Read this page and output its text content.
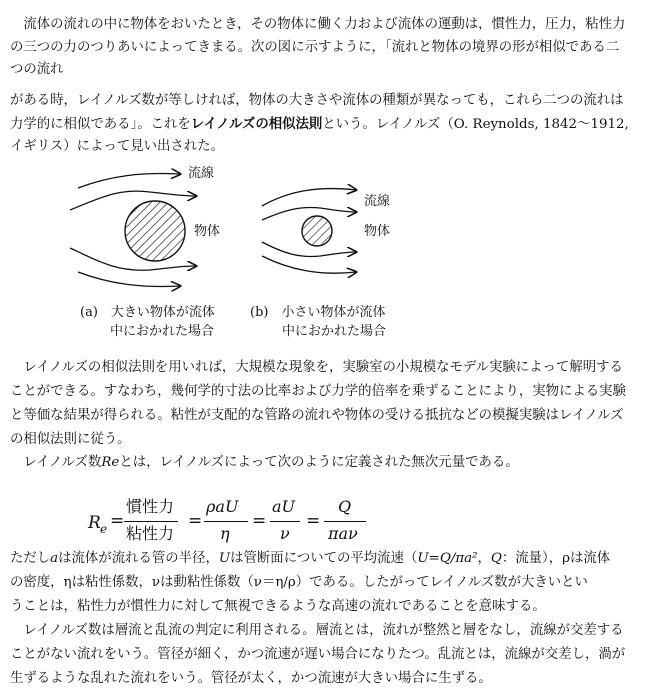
　流体の流れの中に物体をおいたとき，その物体に働く力および流体の運動は，慣性力，圧力，粘性力

の三つの力のつりあいによってきまる。次の図に示すように，「流れと物体の境界の形が相似である二

つの流れ

がある時，レイノルズ数が等しければ，物体の大きさや流体の種類が異なっても，これら二つの流れは

力学的に相似である」。これをレイノルズの相似法則という。レイノルズ（O. Reynolds, 1842〜1912,

イギリス）によって見い出された。

流線
物体
流線
物体
(a)　大きい物体が流体
中におかれた場合
(b)　小さい物体が流体
中におかれた場合

　レイノルズの相似法則を用いれば，大規模な現象を，実験室の小規模なモデル実験によって解明する

ことができる。すなわち，幾何学的寸法の比率および力学的倍率を乗ずることにより，実物による実験

と等価な結果が得られる。粘性が支配的な管路の流れや物体の受ける抵抗などの模擬実験はレイノルズ

の相似法則に従う。

　レイノルズ数Reとは，レイノルズによって次のように定義された無次元量である。

R e =
慣性力
粘性力
=
ρaU
η
=
aU
ν
=
Q
πaν

ただしaは流体が流れる管の半径，Uは管断面についての平均流速（U=Q/πa²，Q：流量），ρは流体

の密度，ηは粘性係数，νは動粘性係数（ν＝η/ρ）である。したがってレイノルズ数が大きいとい

うことは，粘性力が慣性力に対して無視できるような高速の流れであることを意味する。

　レイノルズ数は層流と乱流の判定に利用される。層流とは，流れが整然と層をなし，流線が交差する

ことがない流れをいう。管径が細く，かつ流速が遅い場合になりたつ。乱流とは，流線が交差し，渦が

生ずるような乱れた流れをいう。管径が太く，かつ流速が大きい場合に生ずる。
